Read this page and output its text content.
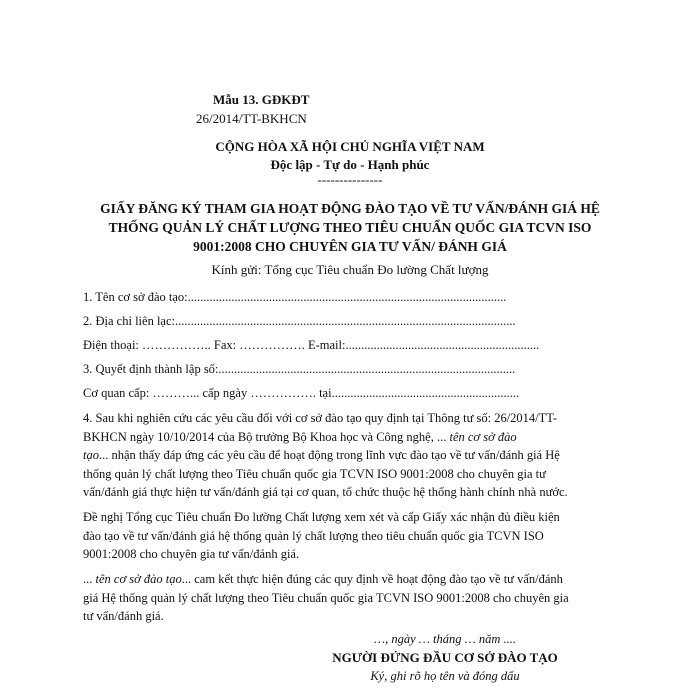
Mẫu 13. GĐKĐT
26/2014/TT-BKHCN
CỘNG HÒA XÃ HỘI CHỦ NGHĨA VIỆT NAM
Độc lập - Tự do - Hạnh phúc
---------------
GIẤY ĐĂNG KÝ THAM GIA HOẠT ĐỘNG ĐÀO TẠO VỀ TƯ VẤN/ĐÁNH GIÁ HỆ
THỐNG QUẢN LÝ CHẤT LƯỢNG THEO TIÊU CHUẨN QUỐC GIA TCVN ISO
9001:2008 CHO CHUYÊN GIA TƯ VẤN/ ĐÁNH GIÁ
Kính gửi: Tổng cục Tiêu chuẩn Đo lường Chất lượng
1. Tên cơ sở đào tạo:......................................................................................................
2. Địa chỉ liên lạc:.............................................................................................................
Điện thoại: …………….. Fax: ……………. E-mail:..............................................................
3. Quyết định thành lập số:...............................................................................................
Cơ quan cấp: ………... cấp ngày ……………. tại............................................................
4. Sau khi nghiên cứu các yêu cầu đối với cơ sở đào tạo quy định tại Thông tư số: 26/2014/TT-
BKHCN ngày 10/10/2014 của Bộ trưởng Bộ Khoa học và Công nghệ, ... tên cơ sở đào
tạo... nhận thấy đáp ứng các yêu cầu để hoạt động trong lĩnh vực đào tạo về tư vấn/đánh giá Hệ
thống quản lý chất lượng theo Tiêu chuẩn quốc gia TCVN ISO 9001:2008 cho chuyên gia tư
vấn/đánh giá thực hiện tư vấn/đánh giá tại cơ quan, tổ chức thuộc hệ thống hành chính nhà nước.
Đề nghị Tổng cục Tiêu chuẩn Đo lường Chất lượng xem xét và cấp Giấy xác nhận đủ điều kiện
đào tạo về tư vấn/đánh giá hệ thống quản lý chất lượng theo tiêu chuẩn quốc gia TCVN ISO
9001:2008 cho chuyên gia tư vấn/đánh giá.
... tên cơ sở đào tạo... cam kết thực hiện đúng các quy định về hoạt động đào tạo về tư vấn/đánh
giá Hệ thống quản lý chất lượng theo Tiêu chuẩn quốc gia TCVN ISO 9001:2008 cho chuyên gia
tư vấn/đánh giá.
…, ngày … tháng … năm ....
NGƯỜI ĐỨNG ĐẦU CƠ SỞ ĐÀO TẠO
Ký, ghi rõ họ tên và đóng dấu
